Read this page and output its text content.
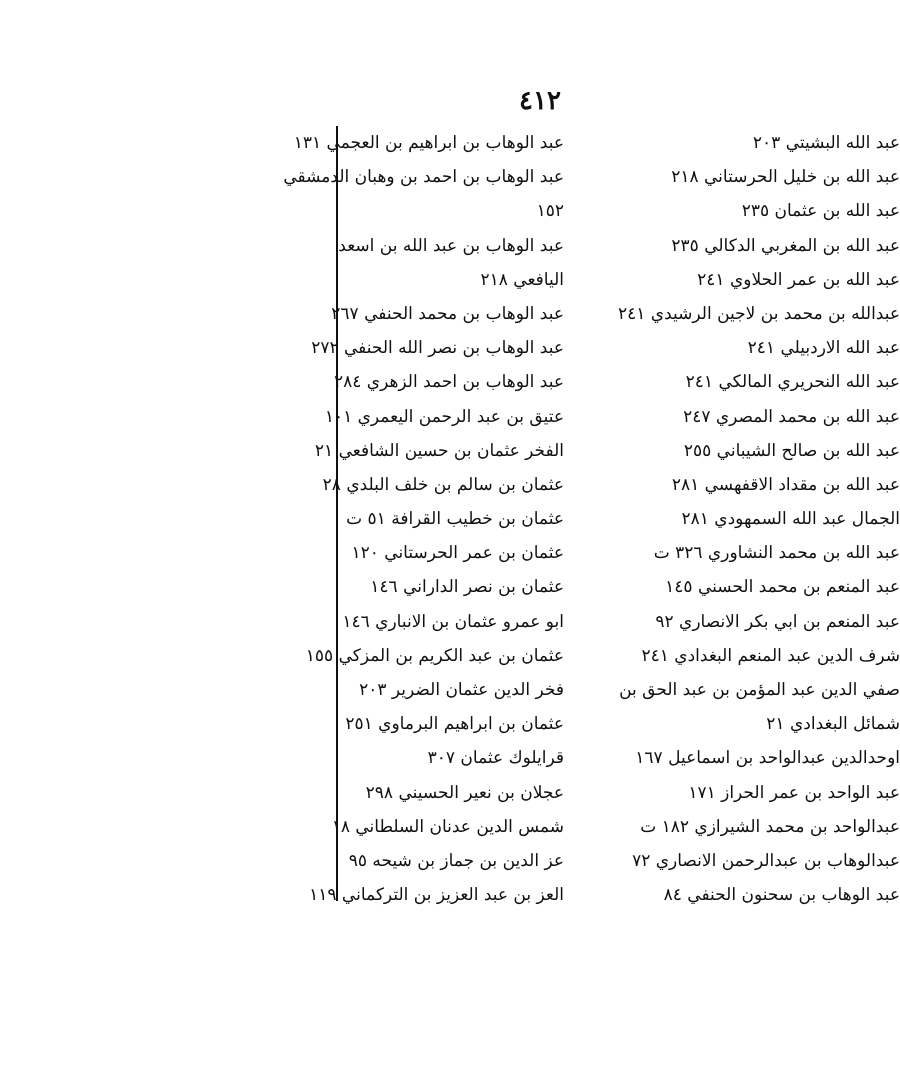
٤١٢
عبد الله البشيتي ٢٠٣
عبد الله بن خليل الحرستاني ٢١٨
عبد الله بن عثمان ٢٣٥
عبد الله بن المغربي الدكالي ٢٣٥
عبد الله بن عمر الحلاوي ٢٤١
عبدالله بن محمد بن لاجين الرشيدي ٢٤١
عبد الله الاردبيلي ٢٤١
عبد الله النحريري المالكي ٢٤١
عبد الله بن محمد المصري ٢٤٧
عبد الله بن صالح الشيباني ٢٥٥
عبد الله بن مقداد الاقفهسي ٢٨١
الجمال عبد الله السمهودي ٢٨١
عبد الله بن محمد النشاوري ٣٢٦ ت
عبد المنعم بن محمد الحسني ١٤٥
عبد المنعم بن ابي بكر الانصاري ٩٢
شرف الدين عبد المنعم البغدادي ٢٤١
صفي الدين عبد المؤمن بن عبد الحق بن
شمائل البغدادي ٢١
اوحدالدين عبدالواحد بن اسماعيل ١٦٧
عبد الواحد بن عمر الحراز ١٧١
عبدالواحد بن محمد الشيرازي ١٨٢ ت
عبدالوهاب بن عبدالرحمن الانصاري ٧٢
عبد الوهاب بن سحنون الحنفي ٨٤
عبد الوهاب بن ابراهيم بن العجمي ١٣١
عبد الوهاب بن احمد بن وهبان الدمشقي
١٥٢
عبد الوهاب بن عبد الله بن اسعد
اليافعي ٢١٨
عبد الوهاب بن محمد الحنفي ٢٦٧
عبد الوهاب بن نصر الله الحنفي ٢٧٢
عبد الوهاب بن احمد الزهري ٢٨٤
عتيق بن عبد الرحمن اليعمري ١٠١
الفخر عثمان بن حسين الشافعي ٢١
عثمان بن سالم بن خلف البلدي ٢٨
عثمان بن خطيب القرافة ٥١ ت
عثمان بن عمر الحرستاني ١٢٠
عثمان بن نصر الداراني ١٤٦
ابو عمرو عثمان بن الانباري ١٤٦
عثمان بن عبد الكريم بن المزكي ١٥٥
فخر الدين عثمان الضرير ٢٠٣
عثمان بن ابراهيم البرماوي ٢٥١
قرايلوك عثمان ٣٠٧
عجلان بن نعير الحسيني ٢٩٨
شمس الدين عدنان السلطاني ١٨
عز الدين بن جماز بن شيحه ٩٥
العز بن عبد العزيز بن التركماني ١١٩
